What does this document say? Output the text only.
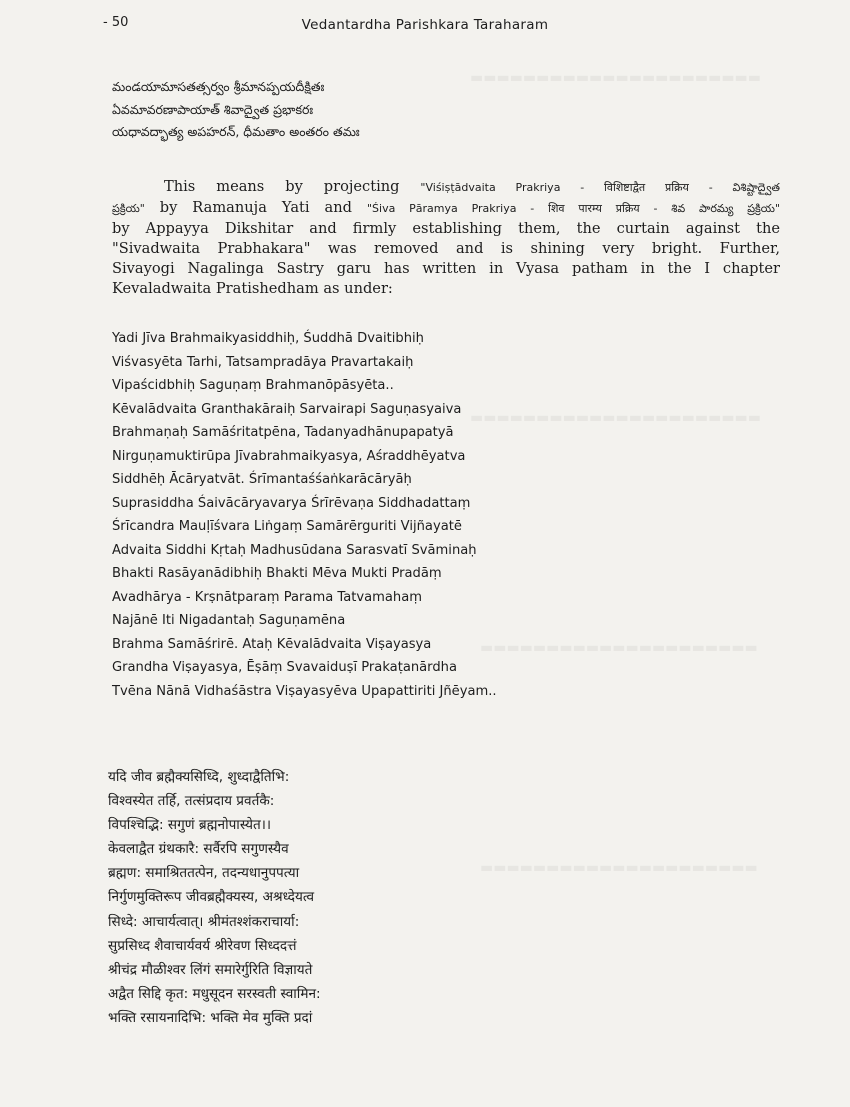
▬▬▬▬▬▬▬▬▬▬▬▬▬▬▬▬▬▬▬▬▬▬
▬▬▬▬▬▬▬▬▬▬▬▬▬▬▬▬▬▬▬▬▬▬
▬▬▬▬▬▬▬▬▬▬▬▬▬▬▬▬▬▬▬▬▬
▬▬▬▬▬▬▬▬▬▬▬▬▬▬▬▬▬▬▬▬▬
- 50	Vedantardha Parishkara Taraharam
మండయామాసతత్సర్వం శ్రీమానప్పయదీక్షితః
ఏవమావరణాపాయాత్ శివాద్వైత ప్రభాకరః
యధావద్భాత్య అపహరన్, ధీమతాం అంతరం తమః
This means by projecting "Viśiṣṭādvaita Prakriya - विशिष्टाद्वैत प्रक्रिय - విశిష్టాద్వైత
ప్రక్రియ" by Ramanuja Yati and "Śiva Pāramya Prakriya - शिव पारम्य प्रक्रिय - శివ పారమ్య ప్రక్రియ"
by Appayya Dikshitar and firmly establishing them, the curtain against the
"Sivadwaita Prabhakara" was removed and is shining very bright. Further,
Sivayogi Nagalinga Sastry garu has written in Vyasa patham in the I chapter
Kevaladwaita Pratishedham as under:
Yadi Jīva Brahmaikyasiddhiḥ, Śuddhā Dvaitibhiḥ
Viśvasyēta Tarhi, Tatsampradāya Pravartakaiḥ
Vipaścidbhiḥ Saguṇaṃ Brahmanōpāsyēta..
Kēvalādvaita Granthakāraiḥ Sarvairapi Saguṇasyaiva
Brahmaṇaḥ Samāśritatpēna, Tadanyadhānupapatyā
Nirguṇamuktirūpa Jīvabrahmaikyasya, Aśraddhēyatva
Siddhēḥ Ācāryatvāt. Śrīmantaśśaṅkarācāryāḥ
Suprasiddha Śaivācāryavarya Śrīrēvaṇa Siddhadattaṃ
Śrīcandra Mauḷīśvara Liṅgaṃ Samārērguriti Vijñayatē
Advaita Siddhi Kṛtaḥ Madhusūdana Sarasvatī Svāminaḥ
Bhakti Rasāyanādibhiḥ Bhakti Mēva Mukti Pradāṃ
Avadhārya - Krṣnātparaṃ Parama Tatvamahaṃ
Najānē Iti Nigadantaḥ Saguṇamēna
Brahma Samāśrirē. Ataḥ Kēvalādvaita Viṣayasya
Grandha Viṣayasya, Ēṣāṃ Svavaiduṣī Prakaṭanārdha
Tvēna Nānā Vidhaśāstra Viṣayasyēva Upapattiriti Jñēyam..
यदि जीव ब्रह्मैक्यसिध्दि, शुध्दाद्वैतिभि:
विश्वस्येत तर्हि, तत्संप्रदाय प्रवर्तकै:
विपश्चिद्भि: सगुणं ब्रह्मनोपास्येत।।
केवलाद्वैत ग्रंथकारै: सर्वैरपि सगुणस्यैव
ब्रह्मण: समाश्रिततत्पेन, तदन्यधानुपपत्या
निर्गुणमुक्तिरूप जीवब्रह्मैक्यस्य, अश्रध्देयत्व
सिध्दे: आचार्यत्वात्। श्रीमंतश्शंकराचार्या:
सुप्रसिध्द शैवाचार्यवर्य श्रीरेवण सिध्ददत्तं
श्रीचंद्र मौळीश्वर लिंगं समारेर्गुरिति विज्ञायते
अद्वैत सिद्दि कृत: मधुसूदन सरस्वती स्वामिन:
भक्ति रसायनादिभि: भक्ति मेव मुक्ति प्रदां
